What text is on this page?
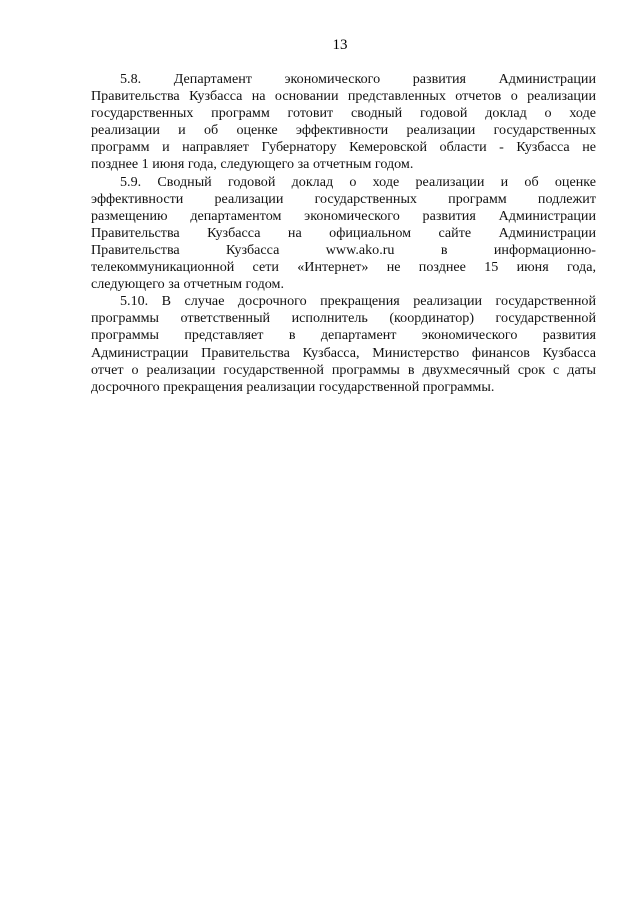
13

5.8. Департамент экономического развития Администрации
Правительства Кузбасса на основании представленных отчетов о реализации
государственных программ готовит сводный годовой доклад о ходе
реализации и об оценке эффективности реализации государственных
программ и направляет Губернатору Кемеровской области - Кузбасса не
позднее 1 июня года, следующего за отчетным годом.

5.9. Сводный годовой доклад о ходе реализации и об оценке
эффективности реализации государственных программ подлежит
размещению департаментом экономического развития Администрации
Правительства Кузбасса на официальном сайте Администрации
Правительства Кузбасса www.ako.ru в информационно-
телекоммуникационной сети «Интернет» не позднее 15 июня года,
следующего за отчетным годом.

5.10. В случае досрочного прекращения реализации государственной
программы ответственный исполнитель (координатор) государственной
программы представляет в департамент экономического развития
Администрации Правительства Кузбасса, Министерство финансов Кузбасса
отчет о реализации государственной программы в двухмесячный срок с даты
досрочного прекращения реализации государственной программы.
